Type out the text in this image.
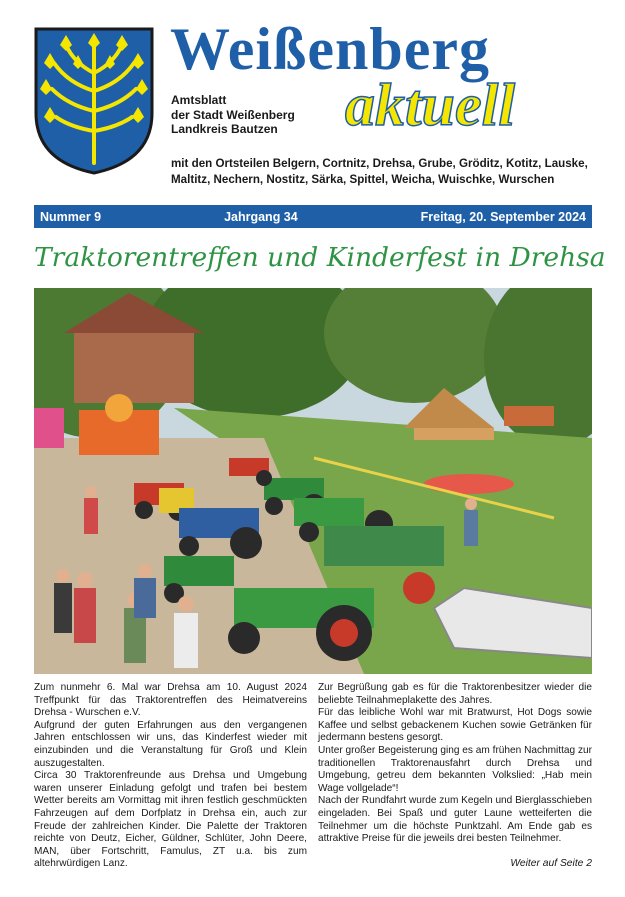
Weißenberg
aktuell
Amtsblatt
der Stadt Weißenberg
Landkreis Bautzen
mit den Ortsteilen Belgern, Cortnitz, Drehsa, Grube, Gröditz, Kotitz, Lauske, Maltitz, Nechern, Nostitz, Särka, Spittel, Weicha, Wuischke, Wurschen
Nummer 9	Jahrgang 34	Freitag, 20. September 2024
Traktorentreffen und Kinderfest in Drehsa

Zum nunmehr 6. Mal war Drehsa am 10. August 2024 Treffpunkt für das Traktorentreffen des Heimatvereins Drehsa - Wurschen e.V.

Aufgrund der guten Erfahrungen aus den vergangenen Jahren entschlossen wir uns, das Kinderfest wieder mit einzubinden und die Veranstaltung für Groß und Klein auszugestalten.

Circa 30 Traktorenfreunde aus Drehsa und Umgebung waren unserer Einladung gefolgt und trafen bei bestem Wetter bereits am Vormittag mit ihren festlich geschmückten Fahrzeugen auf dem Dorfplatz in Drehsa ein, auch zur Freude der zahlreichen Kinder. Die Palette der Traktoren reichte von Deutz, Eicher, Güldner, Schlüter, John Deere, MAN, über Fortschritt, Famulus, ZT u.a. bis zum altehrwürdigen Lanz.

Zur Begrüßung gab es für die Traktorenbesitzer wieder die beliebte Teilnahmeplakette des Jahres.

Für das leibliche Wohl war mit Bratwurst, Hot Dogs sowie Kaffee und selbst gebackenem Kuchen sowie Getränken für jedermann bestens gesorgt.

Unter großer Begeisterung ging es am frühen Nachmittag zur traditionellen Traktorenausfahrt durch Drehsa und Umgebung, getreu dem bekannten Volkslied: „Hab mein Wage vollgelade“!

Nach der Rundfahrt wurde zum Kegeln und Bierglasschieben eingeladen. Bei Spaß und guter Laune wetteiferten die Teilnehmer um die höchste Punktzahl. Am Ende gab es attraktive Preise für die jeweils drei besten Teilnehmer.

Weiter auf Seite 2
